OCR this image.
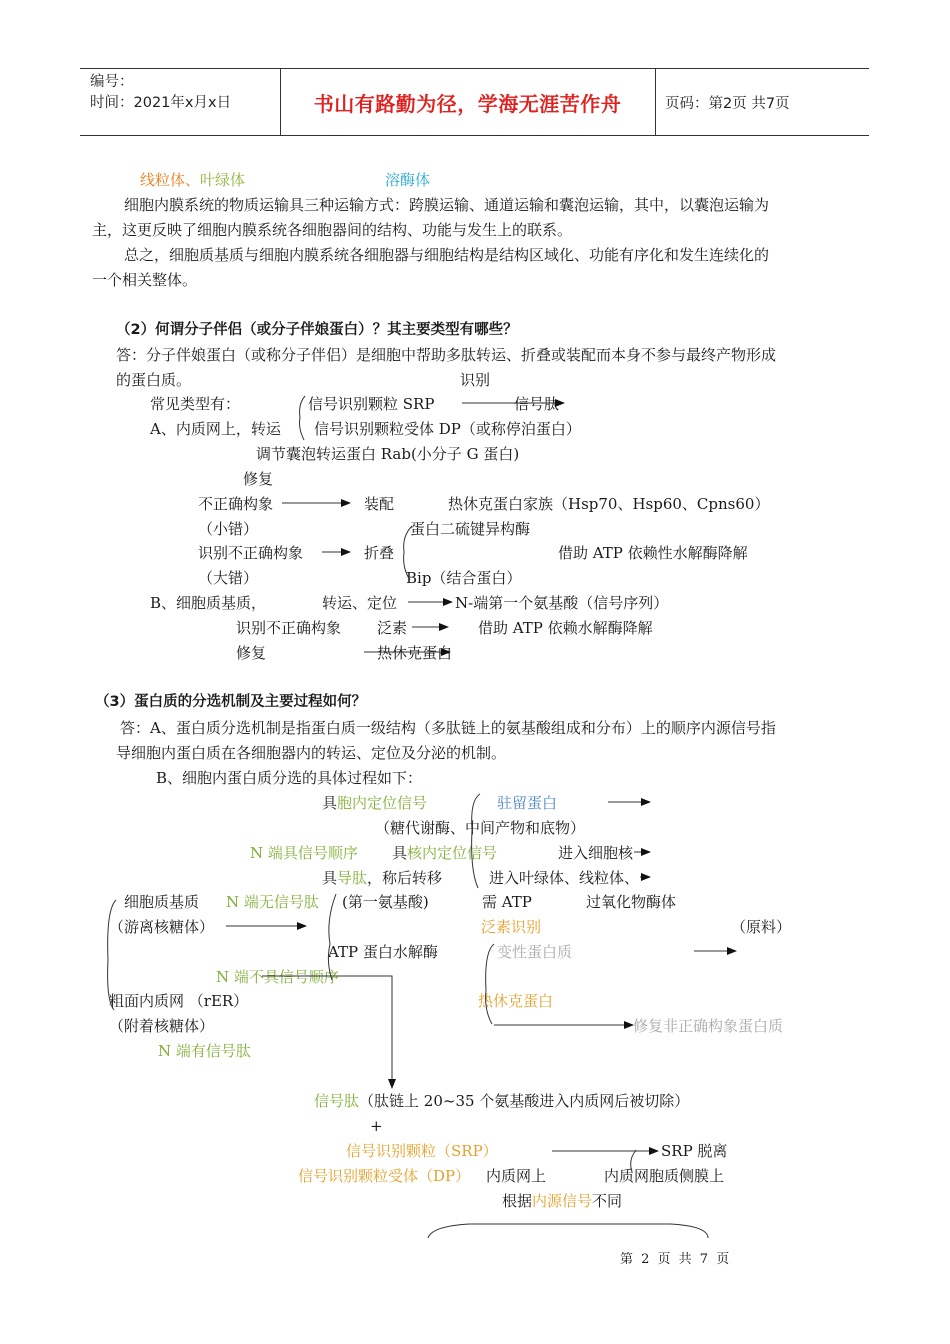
编号：
时间：2021年x月x日	书山有路勤为径，学海无涯苦作舟	页码：第2页 共7页
线粒体、叶绿体	溶酶体
细胞内膜系统的物质运输具三种运输方式：跨膜运输、通道运输和囊泡运输，其中，以囊泡运输为
主，这更反映了细胞内膜系统各细胞器间的结构、功能与发生上的联系。
总之，细胞质基质与细胞内膜系统各细胞器与细胞结构是结构区域化、功能有序化和发生连续化的
一个相关整体。
（2）何谓分子伴侣（或分子伴娘蛋白）？其主要类型有哪些？
答：分子伴娘蛋白（或称分子伴侣）是细胞中帮助多肽转运、折叠或装配而本身不参与最终产物形成
的蛋白质。	识别
常见类型有：	信号识别颗粒 SRP	信号肽
A、内质网上，转运 信号识别颗粒受体 DP（或称停泊蛋白）
调节囊泡转运蛋白 Rab(小分子 G 蛋白)
修复
不正确构象	装配	热休克蛋白家族（Hsp70、Hsp60、Cpns60）
（小错）	蛋白二硫键异构酶
识别不正确构象	折叠	借助 ATP 依赖性水解酶降解
（大错）	Bip（结合蛋白）
B、细胞质基质，	转运、定位	N-端第一个氨基酸（信号序列）
识别不正确构象 泛素	借助 ATP 依赖水解酶降解
修复	热休克蛋白
（3）蛋白质的分选机制及主要过程如何？
答：A、蛋白质分选机制是指蛋白质一级结构（多肽链上的氨基酸组成和分布）上的顺序内源信号指
导细胞内蛋白质在各细胞器内的转运、定位及分泌的机制。
B、细胞内蛋白质分选的具体过程如下：
具胞内定位信号	驻留蛋白
（糖代谢酶、中间产物和底物）
N 端具信号顺序 具核内定位信号	进入细胞核
具导肽，称后转移	进入叶绿体、线粒体、
细胞质基质 N 端无信号肽 (第一氨基酸)	需 ATP	过氧化物酶体
（游离核糖体）	泛素识别	（原料）
ATP 蛋白水解酶	变性蛋白质
N 端不具信号顺序
粗面内质网 （rER）	热休克蛋白
（附着核糖体）	修复非正确构象蛋白质
N 端有信号肽
信号肽（肽链上 20~35 个氨基酸进入内质网后被切除）
+
信号识别颗粒（SRP）	SRP 脱离
信号识别颗粒受体（DP） 内质网上	内质网胞质侧膜上
根据内源信号不同
第 2 页 共 7 页
